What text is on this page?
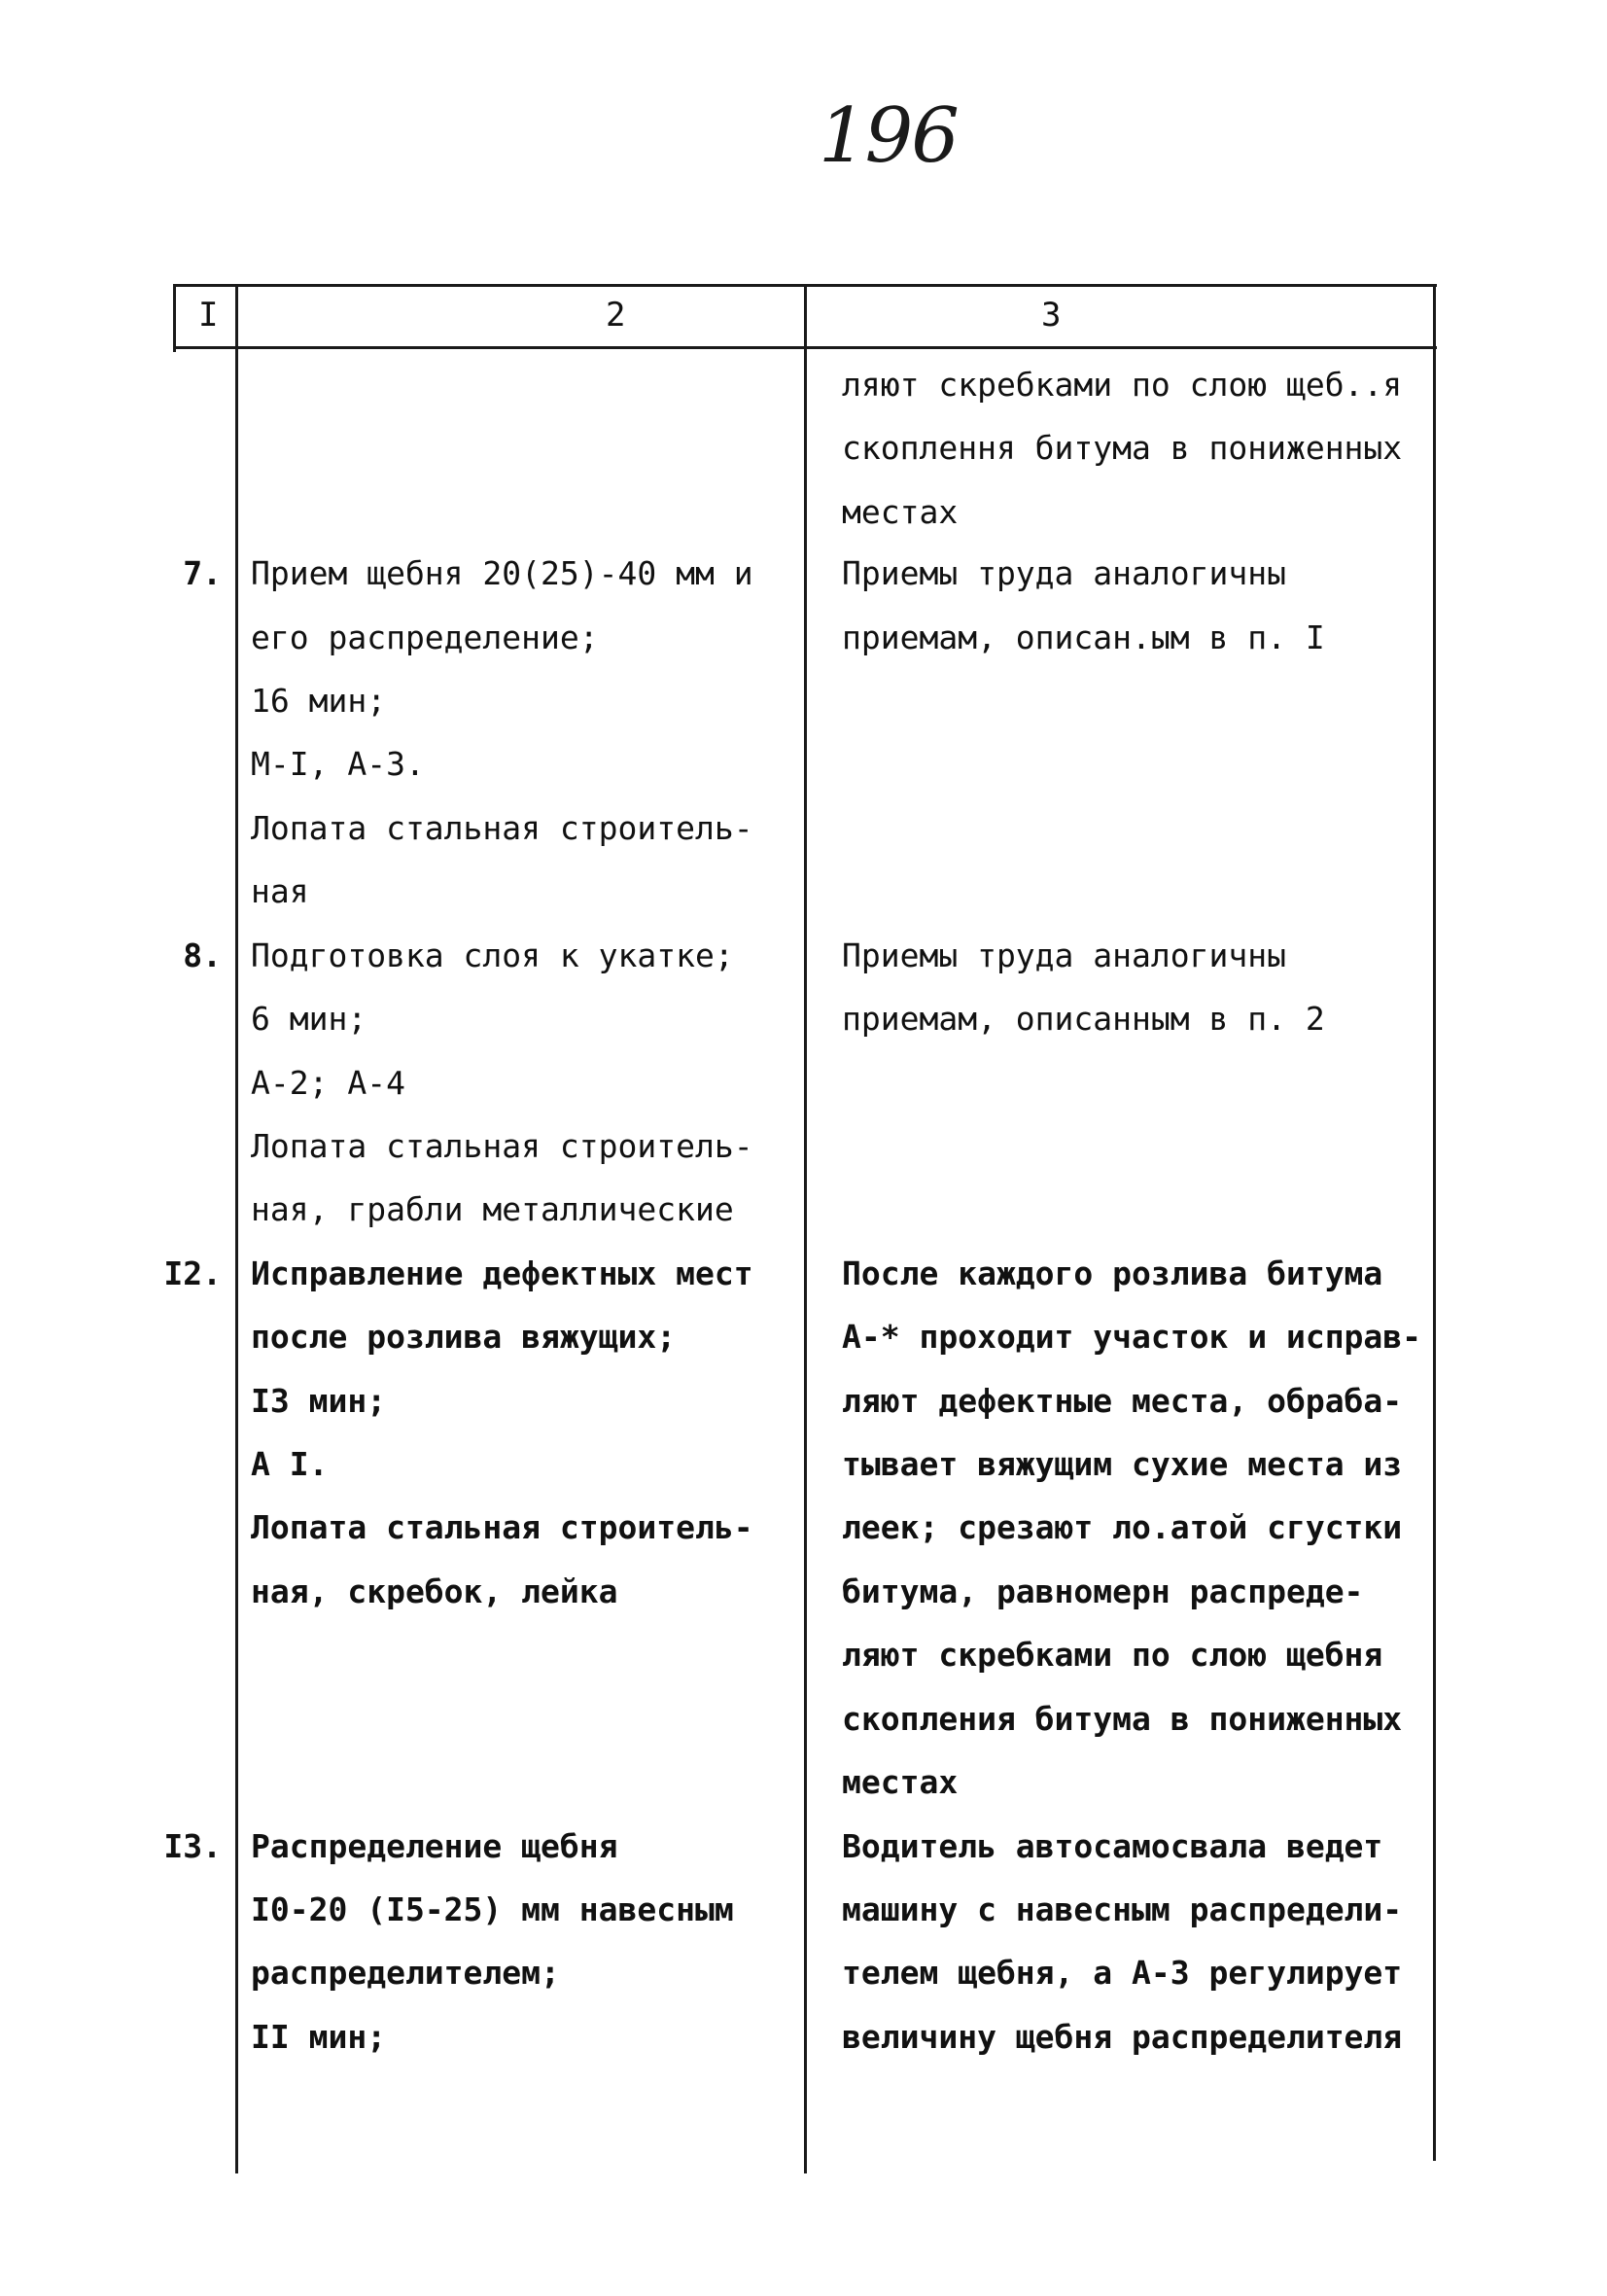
196
I	2	3
ляют скребками по слою щеб..я
скоплення битума в пониженных
местах
7. Прием щебня 20(25)-40 мм и
его распределение;
16 мин;
М-I, А-3.
Лопата стальная строитель-
ная
Приемы труда аналогичны
приемам, описан.ым в п. I
8. Подготовка слоя к укатке;
6 мин;
А-2; А-4
Лопата стальная строитель-
ная, грабли металлические
Приемы труда аналогичны
приемам, описанным в п. 2
I2. Исправление дефектных мест
после розлива вяжущих;
I3 мин;
А I.
Лопата стальная строитель-
ная, скребок, лейка
После каждого розлива битума
А-* проходит участок и исправ-
ляют дефектные места, обраба-
тывает вяжущим сухие места из
леек; срезают ло.атой сгустки
битума, равномерн распреде-
ляют скребками по слою щебня
скопления битума в пониженных
местах
I3. Распределение щебня
I0-20 (I5-25) мм навесным
распределителем;
II мин;
Водитель автосамосвала ведет
машину с навесным распредели-
телем щебня, а А-3 регулирует
величину щебня распределителя
